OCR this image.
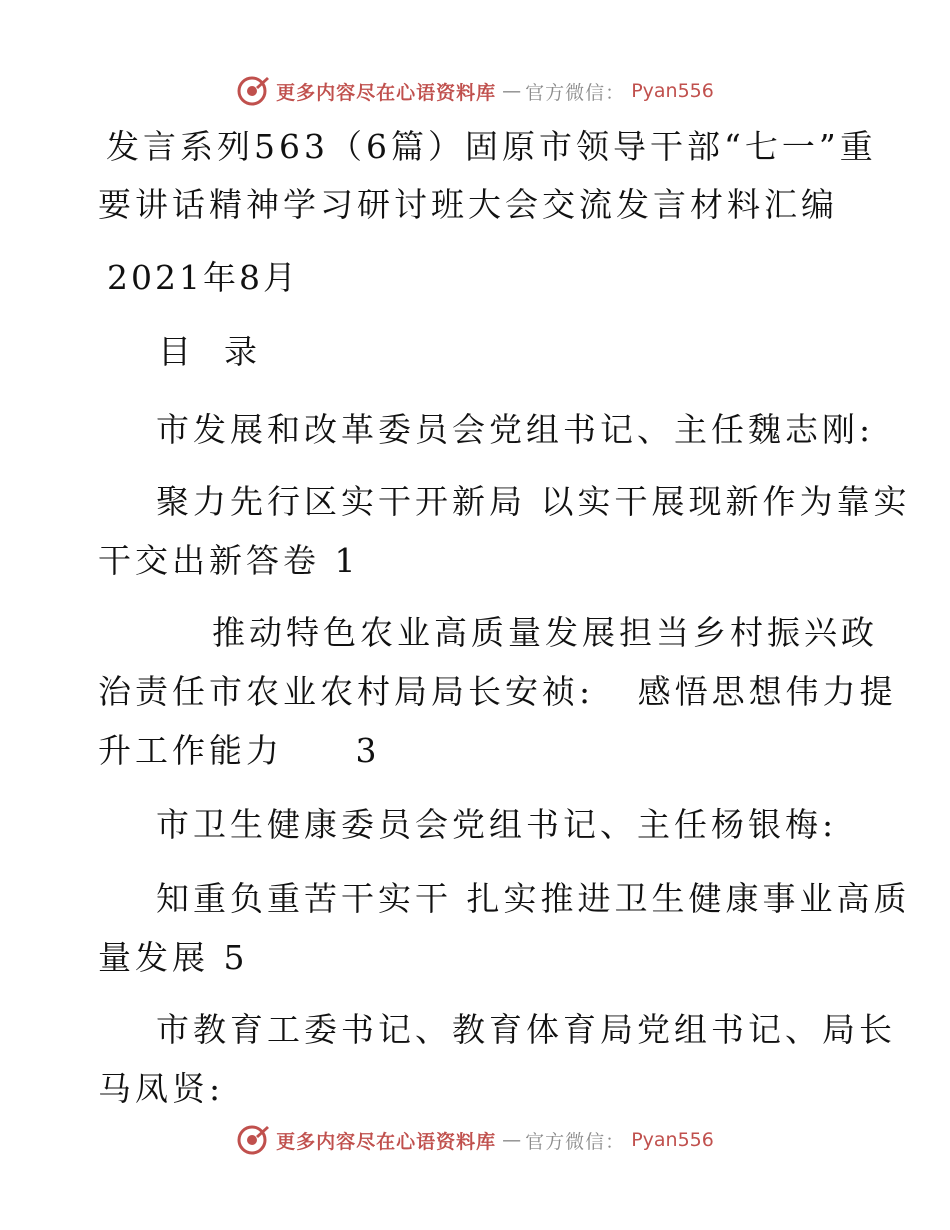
更多内容尽在心语资料库 — 官方微信： Pyan556
发言系列563（6篇）固原市领导干部“七一”重
要讲话精神学习研讨班大会交流发言材料汇编
2021年8月
目  录
市发展和改革委员会党组书记、主任魏志刚:
聚力先行区实干开新局 以实干展现新作为靠实
干交出新答卷 1
推动特色农业高质量发展担当乡村振兴政
治责任市农业农村局局长安祯:   感悟思想伟力提
升工作能力     3
市卫生健康委员会党组书记、主任杨银梅:
知重负重苦干实干 扎实推进卫生健康事业高质
量发展 5
市教育工委书记、教育体育局党组书记、局长
马凤贤:
更多内容尽在心语资料库 — 官方微信： Pyan556
